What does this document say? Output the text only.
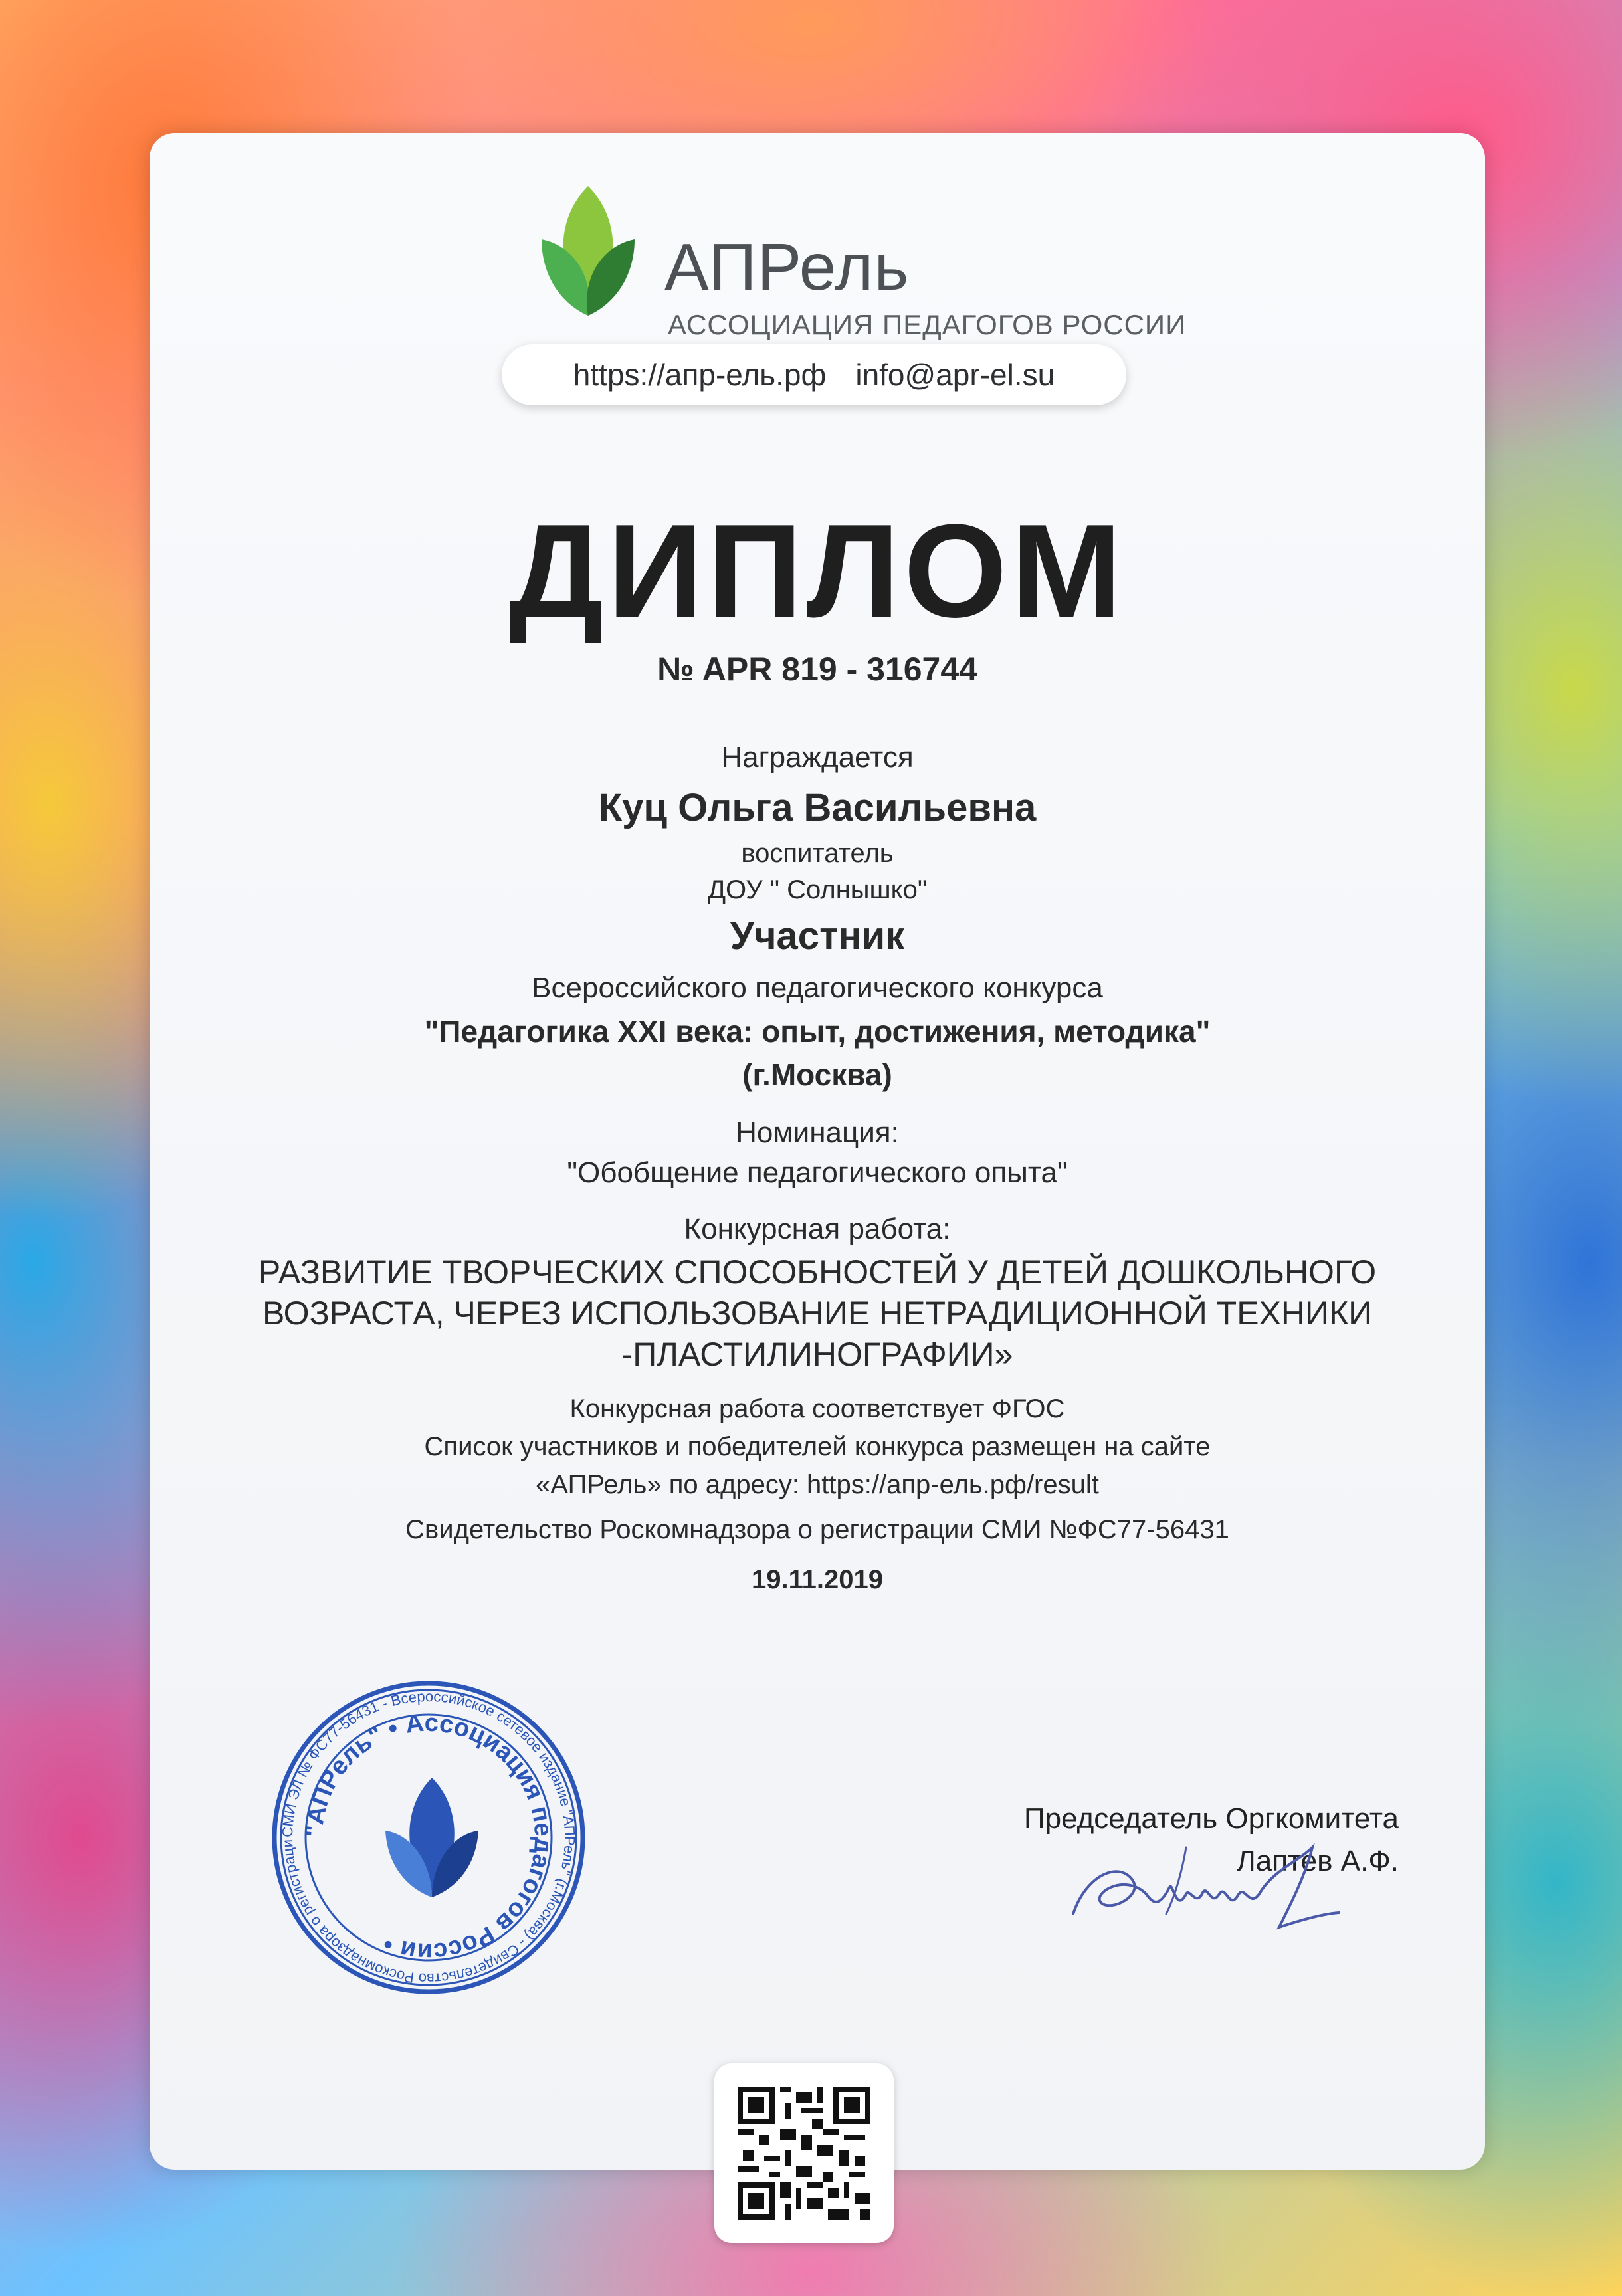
АПРель
АССОЦИАЦИЯ ПЕДАГОГОВ РОССИИ
https://апр-ель.рф info@apr-el.su
ДИПЛОМ
№ APR 819 - 316744
Награждается
Куц Ольга Васильевна
воспитатель
ДОУ " Солнышко"
Участник
Всероссийского педагогического конкурса
"Педагогика XXI века: опыт, достижения, методика"
(г.Москва)
Номинация:
"Обобщение педагогического опыта"
Конкурсная работа:
РАЗВИТИЕ ТВОРЧЕСКИХ СПОСОБНОСТЕЙ У ДЕТЕЙ ДОШКОЛЬНОГО
ВОЗРАСТА, ЧЕРЕЗ ИСПОЛЬЗОВАНИЕ НЕТРАДИЦИОННОЙ ТЕХНИКИ
-ПЛАСТИЛИНОГРАФИИ»
Конкурсная работа соответствует ФГОС
Список участников и победителей конкурса размещен на сайте
«АПРель» по адресу: https://апр-ель.рф/result
Свидетельство Роскомнадзора о регистрации СМИ №ФС77-56431
19.11.2019
СМИ ЭЛ № ФС77-56431 - Всероссийское сетевое издание "АПРель" (г.Москва) - Свидетельство Роскомнадзора о регистраци
"АПРель" • Ассоциация педагогов России •
Председатель Оргкомитета
Лаптев А.Ф.
